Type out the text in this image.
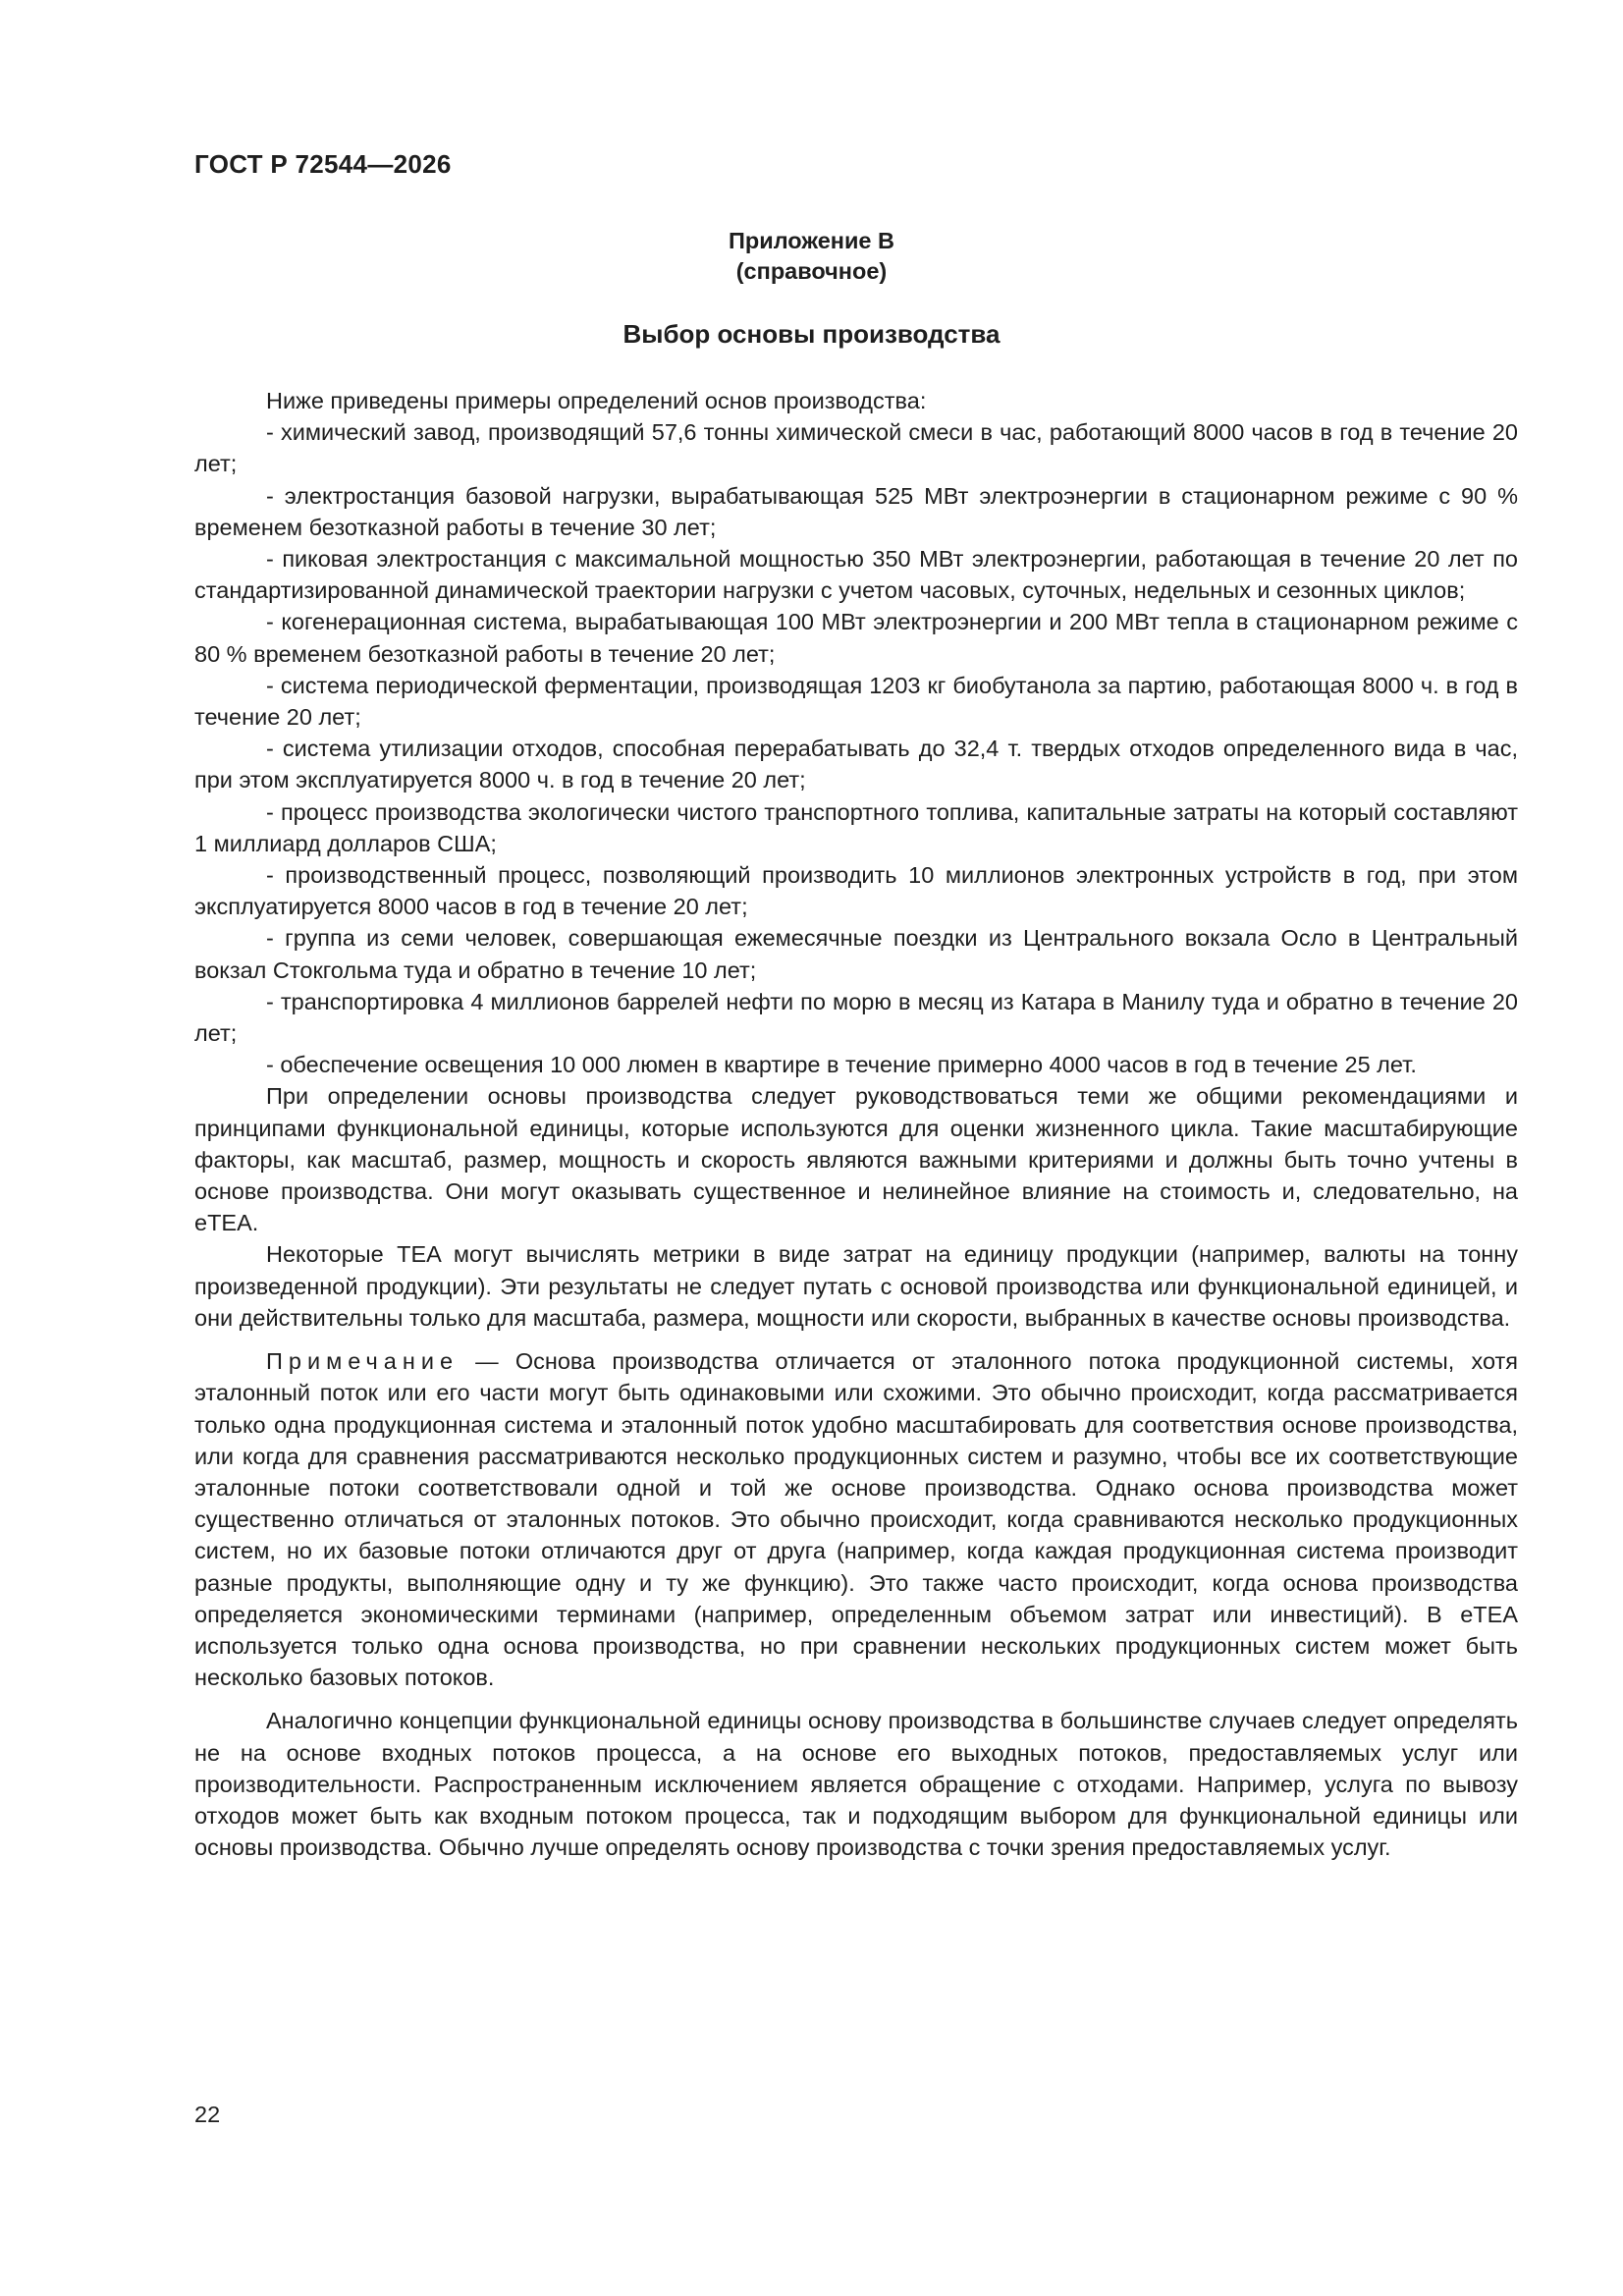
ГОСТ Р 72544—2026
Приложение В
(справочное)
Выбор основы производства

Ниже приведены примеры определений основ производства:

- химический завод, производящий 57,6 тонны химической смеси в час, работающий 8000 часов в год в течение 20 лет;

- электростанция базовой нагрузки, вырабатывающая 525 МВт электроэнергии в стационарном режиме с 90 % временем безотказной работы в течение 30 лет;

- пиковая электростанция с максимальной мощностью 350 МВт электроэнергии, работающая в течение 20 лет по стандартизированной динамической траектории нагрузки с учетом часовых, суточных, недельных и сезонных циклов;

- когенерационная система, вырабатывающая 100 МВт электроэнергии и 200 МВт тепла в стационарном режиме с 80 % временем безотказной работы в течение 20 лет;

- система периодической ферментации, производящая 1203 кг биобутанола за партию, работающая 8000 ч. в год в течение 20 лет;

- система утилизации отходов, способная перерабатывать до 32,4 т. твердых отходов определенного вида в час, при этом эксплуатируется 8000 ч. в год в течение 20 лет;

- процесс производства экологически чистого транспортного топлива, капитальные затраты на который составляют 1 миллиард долларов США;

- производственный процесс, позволяющий производить 10 миллионов электронных устройств в год, при этом эксплуатируется 8000 часов в год в течение 20 лет;

- группа из семи человек, совершающая ежемесячные поездки из Центрального вокзала Осло в Центральный вокзал Стокгольма туда и обратно в течение 10 лет;

- транспортировка 4 миллионов баррелей нефти по морю в месяц из Катара в Манилу туда и обратно в течение 20 лет;

- обеспечение освещения 10 000 люмен в квартире в течение примерно 4000 часов в год в течение 25 лет.

При определении основы производства следует руководствоваться теми же общими рекомендациями и принципами функциональной единицы, которые используются для оценки жизненного цикла. Такие масштабирующие факторы, как масштаб, размер, мощность и скорость являются важными критериями и должны быть точно учтены в основе производства. Они могут оказывать существенное и нелинейное влияние на стоимость и, следовательно, на eTEA.

Некоторые TEA могут вычислять метрики в виде затрат на единицу продукции (например, валюты на тонну произведенной продукции). Эти результаты не следует путать с основой производства или функциональной единицей, и они действительны только для масштаба, размера, мощности или скорости, выбранных в качестве основы производства.

Примечание — Основа производства отличается от эталонного потока продукционной системы, хотя эталонный поток или его части могут быть одинаковыми или схожими. Это обычно происходит, когда рассматривается только одна продукционная система и эталонный поток удобно масштабировать для соответствия основе производства, или когда для сравнения рассматриваются несколько продукционных систем и разумно, чтобы все их соответствующие эталонные потоки соответствовали одной и той же основе производства. Однако основа производства может существенно отличаться от эталонных потоков. Это обычно происходит, когда сравниваются несколько продукционных систем, но их базовые потоки отличаются друг от друга (например, когда каждая продукционная система производит разные продукты, выполняющие одну и ту же функцию). Это также часто происходит, когда основа производства определяется экономическими терминами (например, определенным объемом затрат или инвестиций). В eTEA используется только одна основа производства, но при сравнении нескольких продукционных систем может быть несколько базовых потоков.

Аналогично концепции функциональной единицы основу производства в большинстве случаев следует определять не на основе входных потоков процесса, а на основе его выходных потоков, предоставляемых услуг или производительности. Распространенным исключением является обращение с отходами. Например, услуга по вывозу отходов может быть как входным потоком процесса, так и подходящим выбором для функциональной единицы или основы производства. Обычно лучше определять основу производства с точки зрения предоставляемых услуг.

22
